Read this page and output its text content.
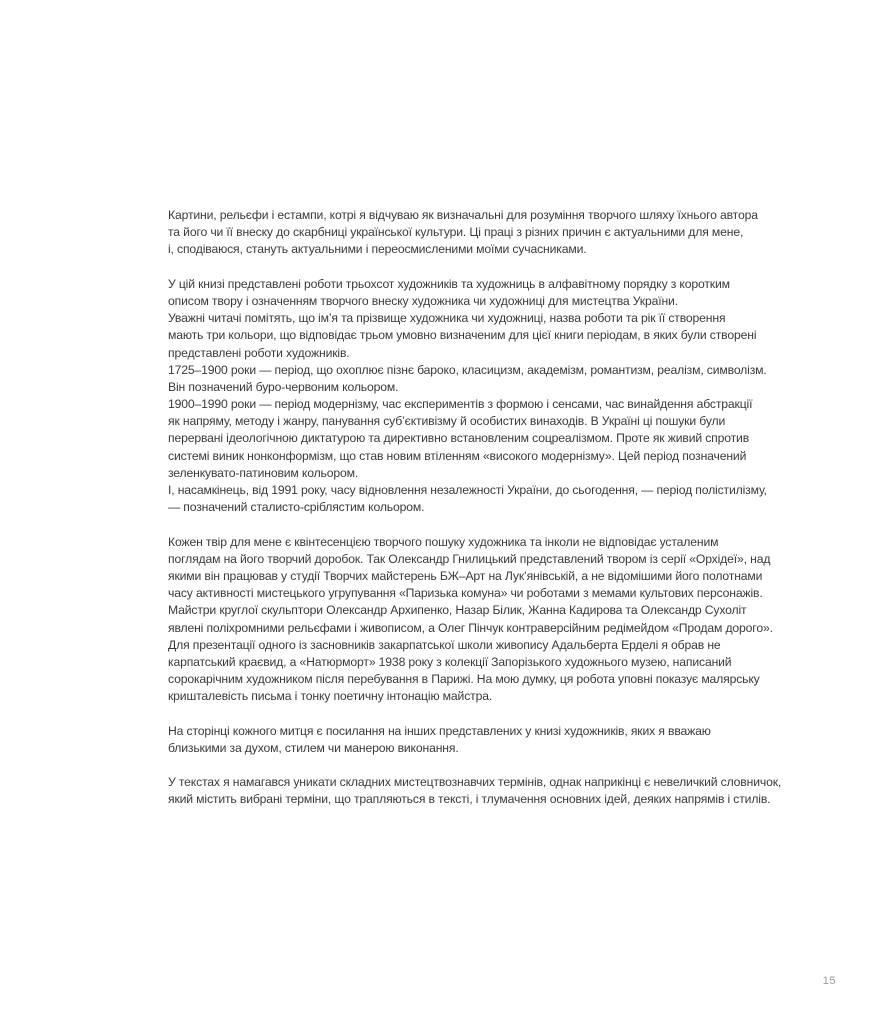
Картини, рельєфи і естампи, котрі я відчуваю як визначальні для розуміння творчого шляху їхнього автора
та його чи її внеску до скарбниці української культури. Ці праці з різних причин є актуальними для мене,
і, сподіваюся, стануть актуальними і переосмисленими моїми сучасниками.
У цій книзі представлені роботи трьохсот художників та художниць в алфавітному порядку з коротким
описом твору і означенням творчого внеску художника чи художниці для мистецтва України.
Уважні читачі помітять, що ім’я та прізвище художника чи художниці, назва роботи та рік її створення
мають три кольори, що відповідає трьом умовно визначеним для цієї книги періодам, в яких були створені
представлені роботи художників.
1725–1900 роки — період, що охоплює пізнє бароко, класицизм, академізм, романтизм, реалізм, символізм.
Він позначений буро-червоним кольором.
1900–1990 роки — період модернізму, час експериментів з формою і сенсами, час винайдення абстракції
як напряму, методу і жанру, панування суб’єктивізму й особистих винаходів. В Україні ці пошуки були
перервані ідеологічною диктатурою та директивно встановленим соцреалізмом. Проте як живий спротив
системі виник нонконформізм, що став новим втіленням «високого модернізму». Цей період позначений
зеленкувато-патиновим кольором.
І, насамкінець, від 1991 року, часу відновлення незалежності України, до сьогодення, — період полістилізму,
— позначений сталисто-сріблястим кольором.
Кожен твір для мене є квінтесенцією творчого пошуку художника та інколи не відповідає усталеним
поглядам на його творчий доробок. Так Олександр Гнилицький представлений твором із серії «Орхідеї», над
якими він працював у студії Творчих майстерень БЖ–Арт на Лук’янівській, а не відомішими його полотнами
часу активності мистецького угрупування «Паризька комуна» чи роботами з мемами культових персонажів.
Майстри круглої скульптори Олександр Архипенко, Назар Білик, Жанна Кадирова та Олександр Сухоліт
явлені поліхромними рельєфами і живописом, а Олег Пінчук контраверсійним редімейдом «Продам дорого».
Для презентації одного із засновників закарпатської школи живопису Адальберта Ерделі я обрав не
карпатський краєвид, а «Натюрморт» 1938 року з колекції Запорізького художнього музею, написаний
сорокарічним художником після перебування в Парижі. На мою думку, ця робота уповні показує малярську
кришталевість письма і тонку поетичну інтонацію майстра.
На сторінці кожного митця є посилання на інших представлених у книзі художників, яких я вважаю
близькими за духом, стилем чи манерою виконання.
У текстах я намагався уникати складних мистецтвознавчих термінів, однак наприкінці є невеличкий словничок,
який містить вибрані терміни, що трапляються в тексті, і тлумачення основних ідей, деяких напрямів і стилів.
15
